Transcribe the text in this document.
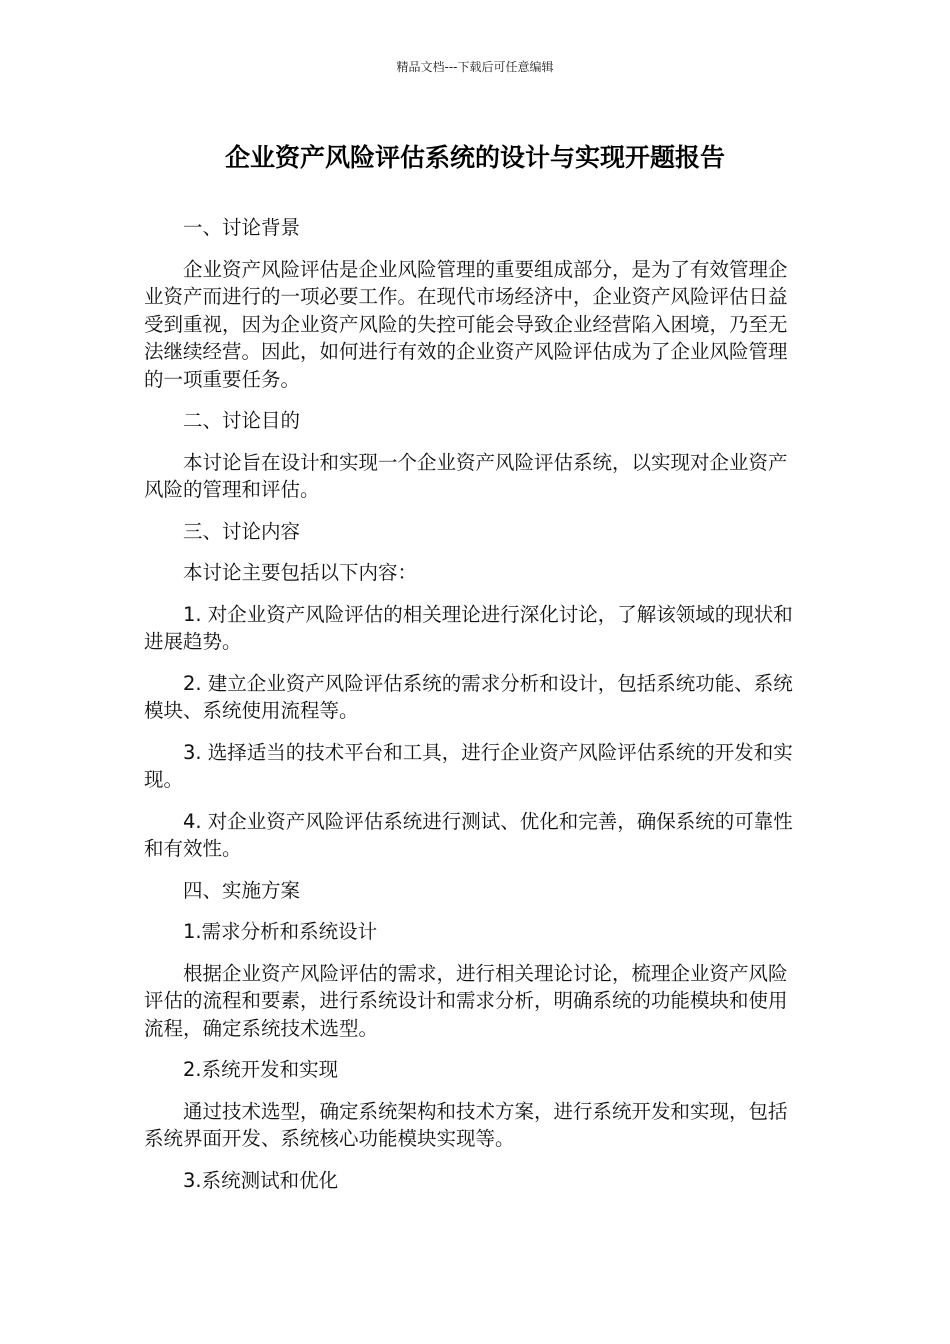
精品文档---下载后可任意编辑
企业资产风险评估系统的设计与实现开题报告

一、讨论背景

企业资产风险评估是企业风险管理的重要组成部分，是为了有效管理企业资产而进行的一项必要工作。在现代市场经济中，企业资产风险评估日益受到重视，因为企业资产风险的失控可能会导致企业经营陷入困境，乃至无法继续经营。因此，如何进行有效的企业资产风险评估成为了企业风险管理的一项重要任务。

二、讨论目的

本讨论旨在设计和实现一个企业资产风险评估系统，以实现对企业资产风险的管理和评估。

三、讨论内容

本讨论主要包括以下内容：

1. 对企业资产风险评估的相关理论进行深化讨论，了解该领域的现状和进展趋势。

2. 建立企业资产风险评估系统的需求分析和设计，包括系统功能、系统模块、系统使用流程等。

3. 选择适当的技术平台和工具，进行企业资产风险评估系统的开发和实现。

4. 对企业资产风险评估系统进行测试、优化和完善，确保系统的可靠性和有效性。

四、实施方案

1.需求分析和系统设计

根据企业资产风险评估的需求，进行相关理论讨论，梳理企业资产风险评估的流程和要素，进行系统设计和需求分析，明确系统的功能模块和使用流程，确定系统技术选型。

2.系统开发和实现

通过技术选型，确定系统架构和技术方案，进行系统开发和实现，包括系统界面开发、系统核心功能模块实现等。

3.系统测试和优化
